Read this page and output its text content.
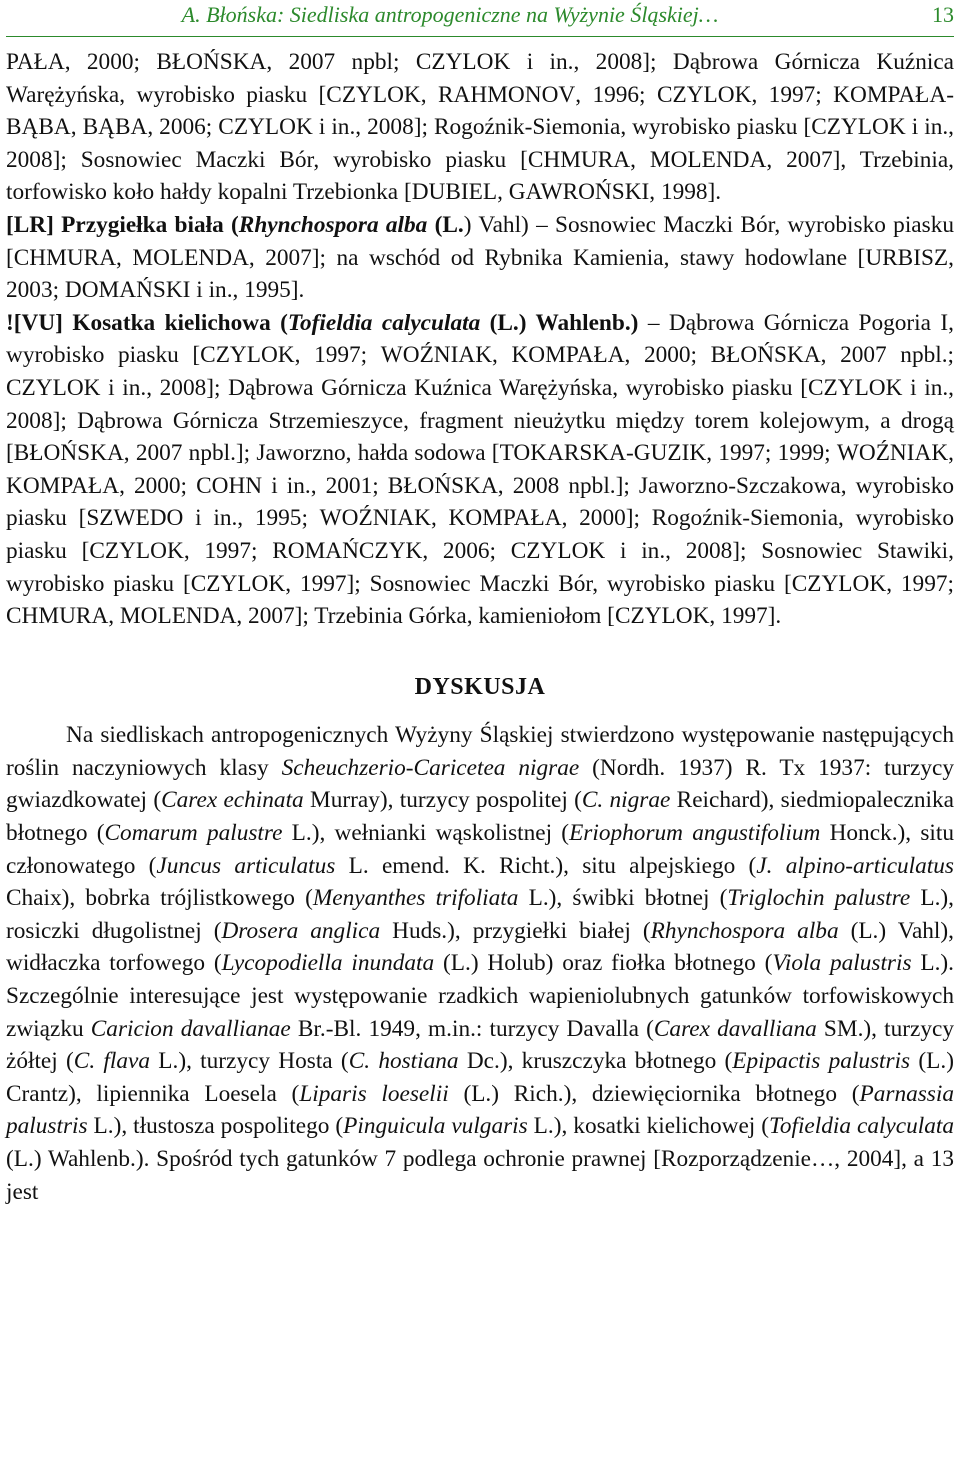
A. Błońska: Siedliska antropogeniczne na Wyżynie Śląskiej…	13

PAŁA, 2000; BŁOŃSKA, 2007 npbl; CZYLOK i in., 2008]; Dąbrowa Górnicza Kuźnica Warężyńska, wyrobisko piasku [CZYLOK, RAHMONOV, 1996; CZYLOK, 1997; KOMPAŁA-BĄBA, BĄBA, 2006; CZYLOK i in., 2008]; Rogoźnik-Siemonia, wyrobisko piasku [CZYLOK i in., 2008]; Sosnowiec Maczki Bór, wyrobisko piasku [CHMURA, MOLENDA, 2007], Trzebinia, torfowisko koło hałdy kopalni Trzebionka [DUBIEL, GAWROŃSKI, 1998].

[LR] Przygiełka biała (Rhynchospora alba (L.) Vahl) – Sosnowiec Maczki Bór, wyrobisko piasku [CHMURA, MOLENDA, 2007]; na wschód od Rybnika Kamienia, stawy hodowlane [URBISZ, 2003; DOMAŃSKI i in., 1995].

![VU] Kosatka kielichowa (Tofieldia calyculata (L.) Wahlenb.) – Dąbrowa Górnicza Pogoria I, wyrobisko piasku [CZYLOK, 1997; WOŹNIAK, KOMPAŁA, 2000; BŁOŃSKA, 2007 npbl.; CZYLOK i in., 2008]; Dąbrowa Górnicza Kuźnica Warężyńska, wyrobisko piasku [CZYLOK i in., 2008]; Dąbrowa Górnicza Strzemieszyce, fragment nieużytku między torem kolejowym, a drogą [BŁOŃSKA, 2007 npbl.]; Jaworzno, hałda sodowa [TOKARSKA-GUZIK, 1997; 1999; WOŹNIAK, KOMPAŁA, 2000; COHN i in., 2001; BŁOŃSKA, 2008 npbl.]; Jaworzno-Szczakowa, wyrobisko piasku [SZWEDO i in., 1995; WOŹNIAK, KOMPAŁA, 2000]; Rogoźnik-Siemonia, wyrobisko piasku [CZYLOK, 1997; ROMAŃCZYK, 2006; CZYLOK i in., 2008]; Sosnowiec Stawiki, wyrobisko piasku [CZYLOK, 1997]; Sosnowiec Maczki Bór, wyrobisko piasku [CZYLOK, 1997; CHMURA, MOLENDA, 2007]; Trzebinia Górka, kamieniołom [CZYLOK, 1997].

DYSKUSJA

Na siedliskach antropogenicznych Wyżyny Śląskiej stwierdzono występowanie następujących roślin naczyniowych klasy Scheuchzerio-Caricetea nigrae (Nordh. 1937) R. Tx 1937: turzycy gwiazdkowatej (Carex echinata Murray), turzycy pospolitej (C. nigrae Reichard), siedmiopalecznika błotnego (Comarum palustre L.), wełnianki wąskolistnej (Eriophorum angustifolium Honck.), situ członowatego (Juncus articulatus L. emend. K. Richt.), situ alpejskiego (J. alpino-articulatus Chaix), bobrka trójlistkowego (Menyanthes trifoliata L.), świbki błotnej (Triglochin palustre L.), rosiczki długolistnej (Drosera anglica Huds.), przygiełki białej (Rhynchospora alba (L.) Vahl), widłaczka torfowego (Lycopodiella inundata (L.) Holub) oraz fiołka błotnego (Viola palustris L.). Szczególnie interesujące jest występowanie rzadkich wapieniolubnych gatunków torfowiskowych związku Caricion davallianae Br.-Bl. 1949, m.in.: turzycy Davalla (Carex davalliana SM.), turzycy żółtej (C. flava L.), turzycy Hosta (C. hostiana Dc.), kruszczyka błotnego (Epipactis palustris (L.) Crantz), lipiennika Loesela (Liparis loeselii (L.) Rich.), dziewięciornika błotnego (Parnassia palustris L.), tłustosza pospolitego (Pinguicula vulgaris L.), kosatki kielichowej (Tofieldia calyculata (L.) Wahlenb.). Spośród tych gatunków 7 podlega ochronie prawnej [Rozporządzenie…, 2004], a 13 jest
